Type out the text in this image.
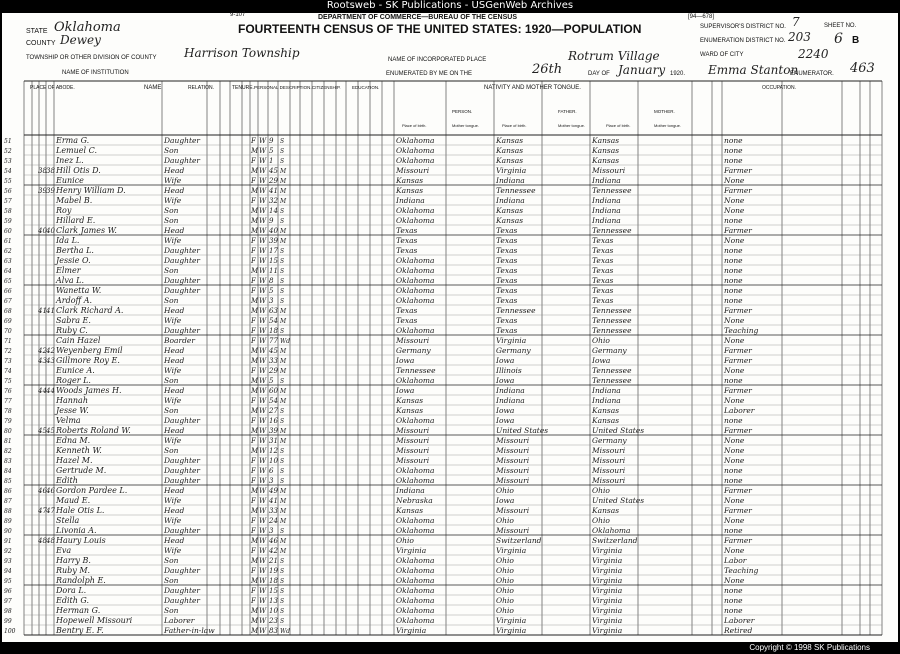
Rootsweb - SK Publications - USGenWeb Archives
9-107	DEPARTMENT OF COMMERCE—BUREAU OF THE CENSUS
FOURTEENTH CENSUS OF THE UNITED STATES: 1920—POPULATION
[94—678]
STATE Oklahoma
COUNTY Dewey
TOWNSHIP OR OTHER DIVISION OF COUNTY Harrison Township	NAME OF INCORPORATED PLACE	Rotrum Village
NAME OF INSTITUTION	ENUMERATED BY ME ON THE	26th	DAY OF January 1920. Emma Stanton
ENUMERATOR.
SUPERVISOR'S DISTRICT NO. 7
ENUMERATION DISTRICT NO. 203
WARD OF CITY
SHEET NO.
6 B
2240
463
PLACE OF ABODE.	NAME	RELATION.	TENURE. PERSONAL DESCRIPTION. CITIZENSHIP.	EDUCATION.	NATIVITY AND MOTHER TONGUE.
PERSON.	FATHER.	MOTHER.
Place of birth.	Mother tongue.	Place of birth.	Mother tongue.	Place of birth.	Mother tongue.
OCCUPATION.
51	Erma G.	Daughter	F W 9 S	Oklahoma	Kansas	Kansas	none
52	Lemuel C.	Son	M W 5 S	Oklahoma	Kansas	Kansas	none
53	Inez L.	Daughter	F W 1 S	Oklahoma	Kansas	Kansas	none
54	38 38 Hill Otis D.	Head	M W 45 M	Missouri	Virginia	Missouri	Farmer
55	Eunice	Wife	F W 29 M	Kansas	Indiana	Indiana	None
56	39 39 Henry William D.	Head	M W 41 M	Kansas	Tennessee	Tennessee	Farmer
57	Mabel B.	Wife	F W 32 M	Indiana	Indiana	Indiana	None
58	Roy	Son	M W 14 S	Oklahoma	Kansas	Indiana	None
59	Hillard E.	Son	M W 9 S	Oklahoma	Kansas	Indiana	none
60	40 40 Clark James W.	Head	M W 40 M	Texas	Texas	Tennessee	Farmer
61	Ida L.	Wife	F W 39 M	Texas	Texas	Texas	None
62	Bertha L.	Daughter	F W 17 S	Texas	Texas	Texas	none
63	Jessie O.	Daughter	F W 15 S	Oklahoma	Texas	Texas	none
64	Elmer	Son	M W 11 S	Oklahoma	Texas	Texas	none
65	Alva L.	Daughter	F W 8 S	Oklahoma	Texas	Texas	none
66	Wanetta W.	Daughter	F W 5 S	Oklahoma	Texas	Texas	none
67	Ardoff A.	Son	M W 3 S	Oklahoma	Texas	Texas	none
68	41 41 Clark Richard A.	Head	M W 63 M	Texas	Tennessee	Tennessee	Farmer
69	Sabra E.	Wife	F W 54 M	Texas	Texas	Tennessee	None
70	Ruby C.	Daughter	F W 18 S	Oklahoma	Texas	Tennessee	Teaching
71	Cain Hazel	Boarder	F W 77 Wd	Missouri	Virginia	Ohio	None
72	42 42 Weyenberg Emil	Head	M W 45 M	Germany	Germany	Germany	Farmer
73	43 43 Gillmore Roy E.	Head	M W 33 M	Iowa	Iowa	Iowa	Farmer
74	Eunice A.	Wife	F W 29 M	Tennessee	Illinois	Tennessee	None
75	Roger L.	Son	M W 5 S	Oklahoma	Iowa	Tennessee	none
76	44 44 Woods James H.	Head	M W 60 M	Iowa	Indiana	Indiana	Farmer
77	Hannah	Wife	F W 54 M	Kansas	Indiana	Indiana	None
78	Jesse W.	Son	M W 27 S	Kansas	Iowa	Kansas	Laborer
79	Velma	Daughter	F W 16 S	Oklahoma	Iowa	Kansas	none
80	45 45 Roberts Roland W.	Head	M W 39 M	Missouri	United States	United States	Farmer
81	Edna M.	Wife	F W 31 M	Missouri	Missouri	Germany	None
82	Kenneth W.	Son	M W 12 S	Missouri	Missouri	Missouri	None
83	Hazel M.	Daughter	F W 10 S	Missouri	Missouri	Missouri	None
84	Gertrude M.	Daughter	F W 6 S	Oklahoma	Missouri	Missouri	none
85	Edith	Daughter	F W 3 S	Oklahoma	Missouri	Missouri	none
86	46 46 Gordon Pardee L.	Head	M W 49 M	Indiana	Ohio	Ohio	Farmer
87	Maud E.	Wife	F W 41 M	Nebraska	Iowa	United States	None
88	47 47 Hale Otis L.	Head	M W 33 M	Kansas	Missouri	Kansas	Farmer
89	Stella	Wife	F W 24 M	Oklahoma	Ohio	Ohio	None
90	Livonia A.	Daughter	F W 3 S	Oklahoma	Missouri	Oklahoma	none
91	48 48 Haury Louis	Head	M W 46 M	Ohio	Switzerland	Switzerland	Farmer
92	Eva	Wife	F W 42 M	Virginia	Virginia	Virginia	None
93	Harry B.	Son	M W 21 S	Oklahoma	Ohio	Virginia	Labor
94	Ruby M.	Daughter	F W 19 S	Oklahoma	Ohio	Virginia	Teaching
95	Randolph E.	Son	M W 18 S	Oklahoma	Ohio	Virginia	None
96	Dora L.	Daughter	F W 15 S	Oklahoma	Ohio	Virginia	none
97	Edith G.	Daughter	F W 13 S	Oklahoma	Ohio	Virginia	none
98	Herman G.	Son	M W 10 S	Oklahoma	Ohio	Virginia	none
99	Hopewell Missouri	Laborer	M W 23 S	Oklahoma	Virginia	Virginia	Laborer
100	Bentry E. F.	Father-in-law	M W 83 Wd	Virginia	Virginia	Virginia	Retired
Copyright © 1998 SK Publications
